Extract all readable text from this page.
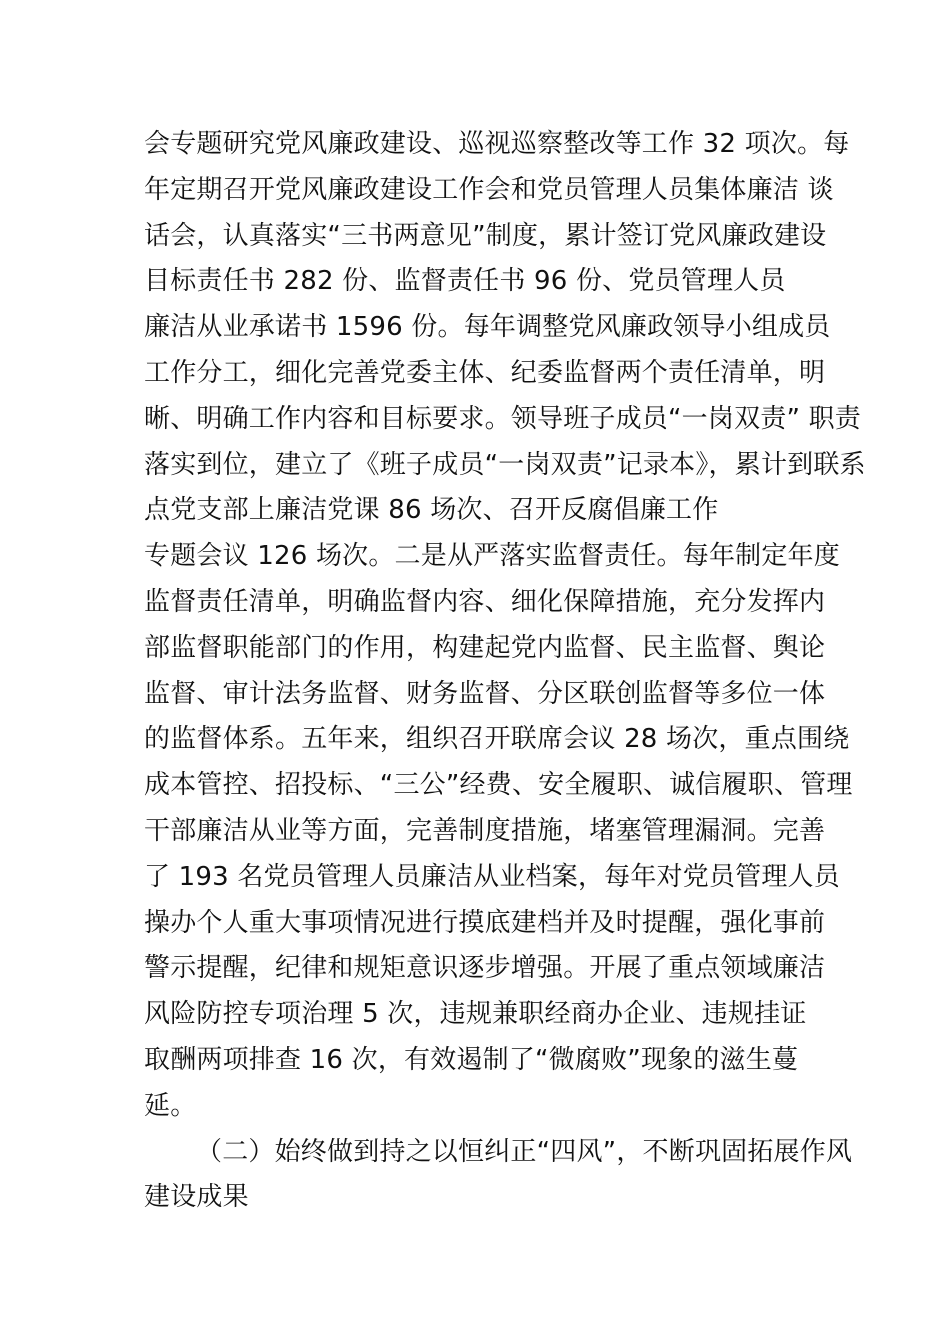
会专题研究党风廉政建设、巡视巡察整改等工作 32 项次。每
年定期召开党风廉政建设工作会和党员管理人员集体廉洁 谈
话会，认真落实“三书两意见”制度，累计签订党风廉政建设
目标责任书 282 份、监督责任书 96 份、党员管理人员
廉洁从业承诺书 1596 份。每年调整党风廉政领导小组成员
工作分工，细化完善党委主体、纪委监督两个责任清单，明
晰、明确工作内容和目标要求。领导班子成员“一岗双责” 职责
落实到位，建立了《班子成员“一岗双责”记录本》，累计到联系
点党支部上廉洁党课 86 场次、召开反腐倡廉工作
专题会议 126 场次。二是从严落实监督责任。每年制定年度
监督责任清单，明确监督内容、细化保障措施，充分发挥内
部监督职能部门的作用，构建起党内监督、民主监督、舆论
监督、审计法务监督、财务监督、分区联创监督等多位一体
的监督体系。五年来，组织召开联席会议 28 场次，重点围绕
成本管控、招投标、“三公”经费、安全履职、诚信履职、管理
干部廉洁从业等方面，完善制度措施，堵塞管理漏洞。完善
了 193 名党员管理人员廉洁从业档案，每年对党员管理人员
操办个人重大事项情况进行摸底建档并及时提醒，强化事前
警示提醒，纪律和规矩意识逐步增强。开展了重点领域廉洁
风险防控专项治理 5 次，违规兼职经商办企业、违规挂证
取酬两项排查 16 次，有效遏制了“微腐败”现象的滋生蔓
延。
（二）始终做到持之以恒纠正“四风”，不断巩固拓展作风
建设成果
